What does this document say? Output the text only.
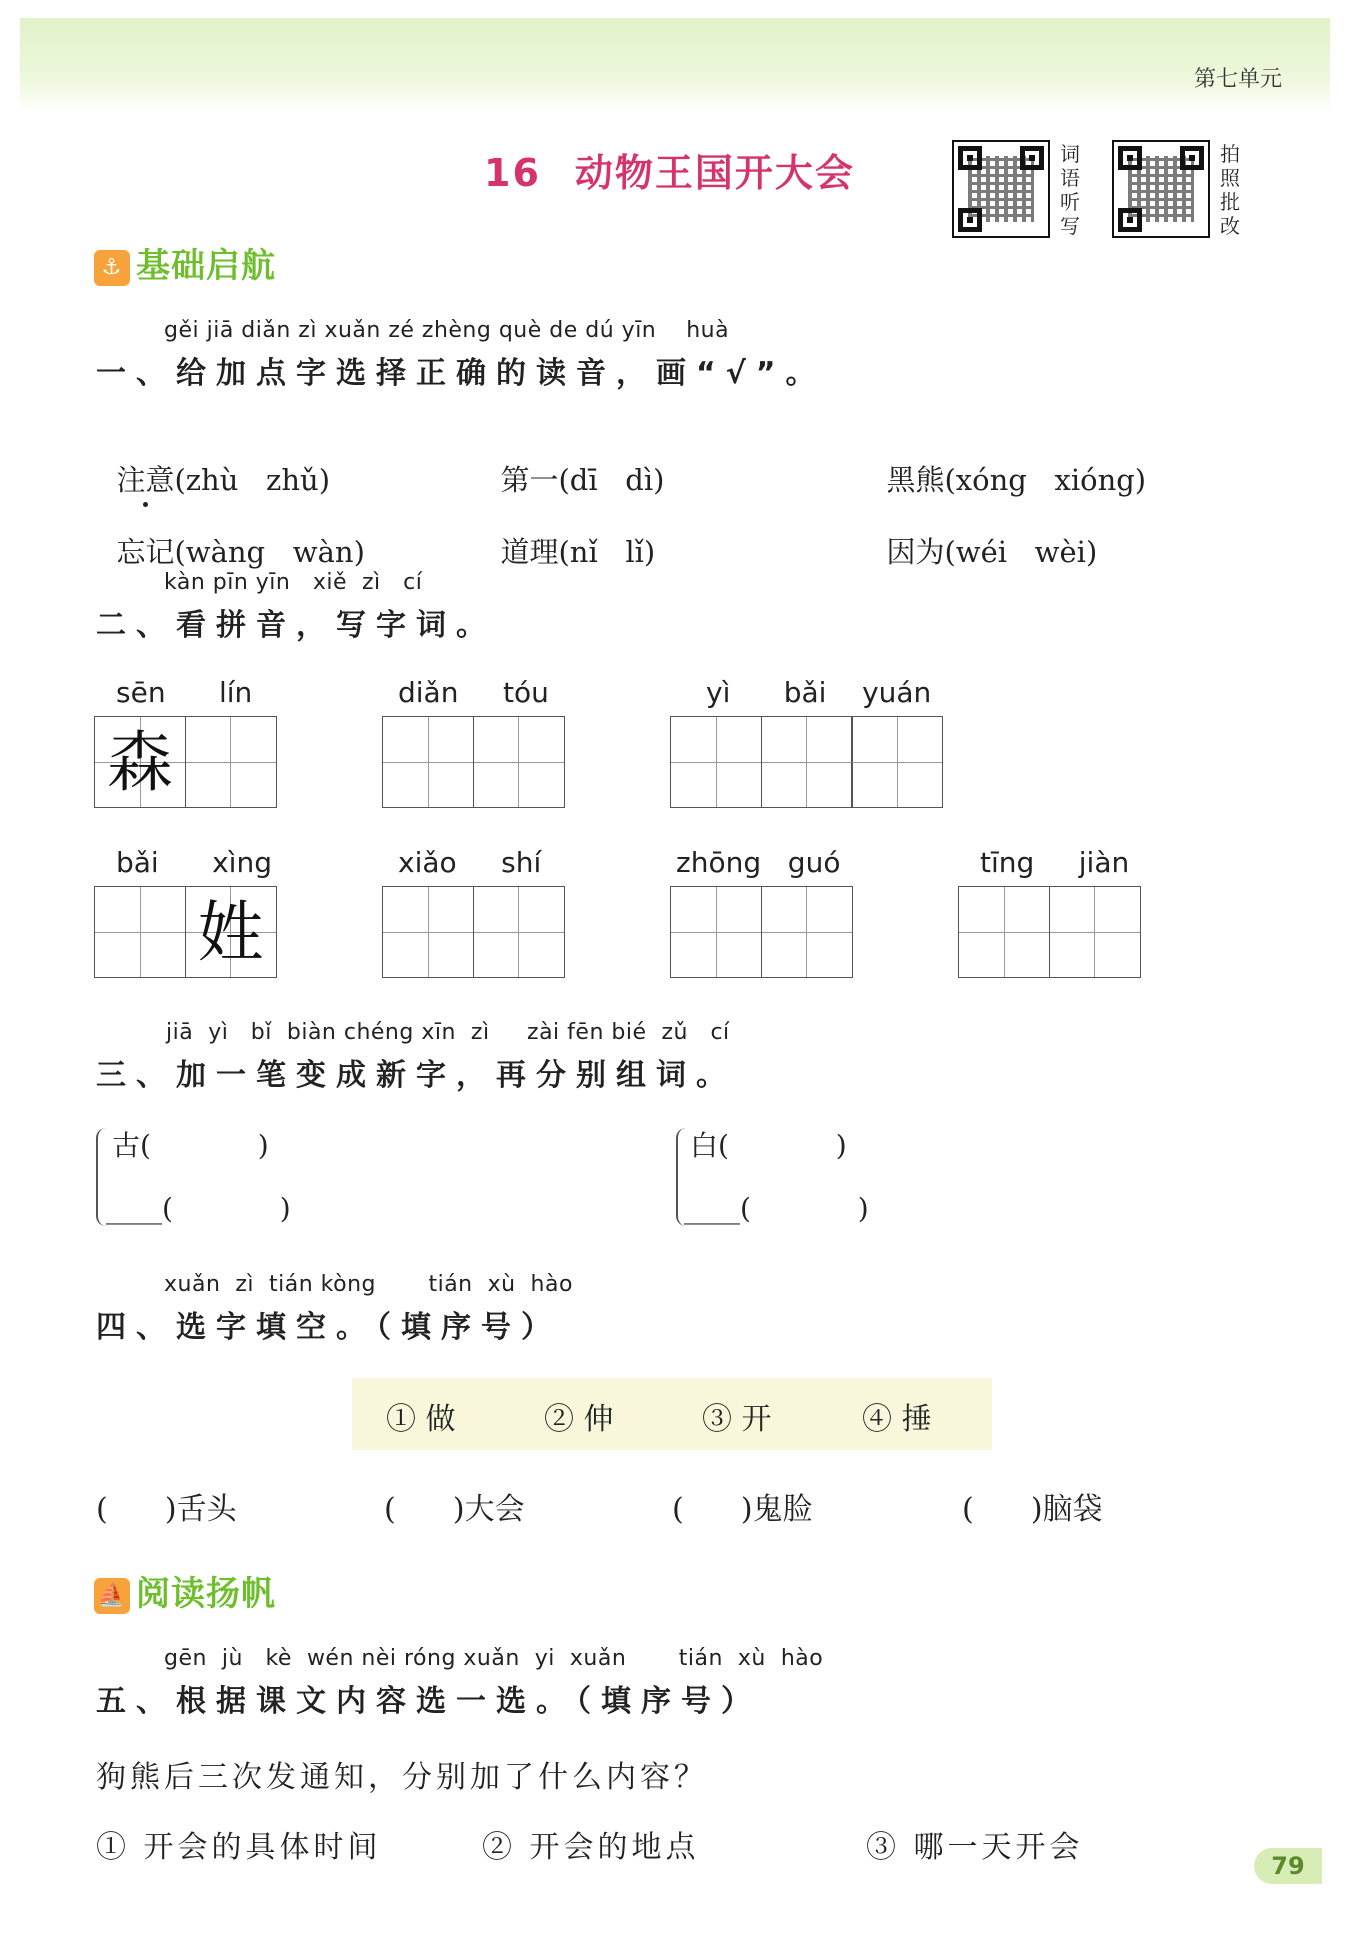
第七单元
16 动物王国开大会	词
语
听
写
拍
照
批
改
⚓ 基础启航
gěi jiā diǎn zì xuǎn zé zhèng què de dú yīn    huà
一、给加点字选择正确的读音，画“√”。

注意(zhù   zhǔ)	第一(dī   dì)	黑熊(xóng   xióng)

忘记(wàng   wàn)	道理(nǐ   lǐ)	因为(wéi   wèi)

kàn pīn yīn   xiě  zì   cí
二、看拼音，写字词。
sēn      lín
森
diǎn     tóu	yì      bǎi    yuán
bǎi      xìng
姓
xiǎo     shí	zhōng   guó	tīng     jiàn
jiā  yì   bǐ  biàn chéng xīn  zì     zài fēn bié  zǔ   cí
三、加一笔变成新字，再分别组词。
古(            )
____(            )
白(            )
____(            )
xuǎn  zì  tián kòng       tián  xù  hào
四、选字填空。（填序号）
① 做	② 伸	③ 开	④ 捶
(      )舌头	(      )大会	(      )鬼脸	(      )脑袋
⛵ 阅读扬帆
gēn  jù   kè  wén nèi róng xuǎn  yi  xuǎn       tián  xù  hào
五、根据课文内容选一选。（填序号）
狗熊后三次发通知，分别加了什么内容？
① 开会的具体时间	② 开会的地点	③ 哪一天开会
79
